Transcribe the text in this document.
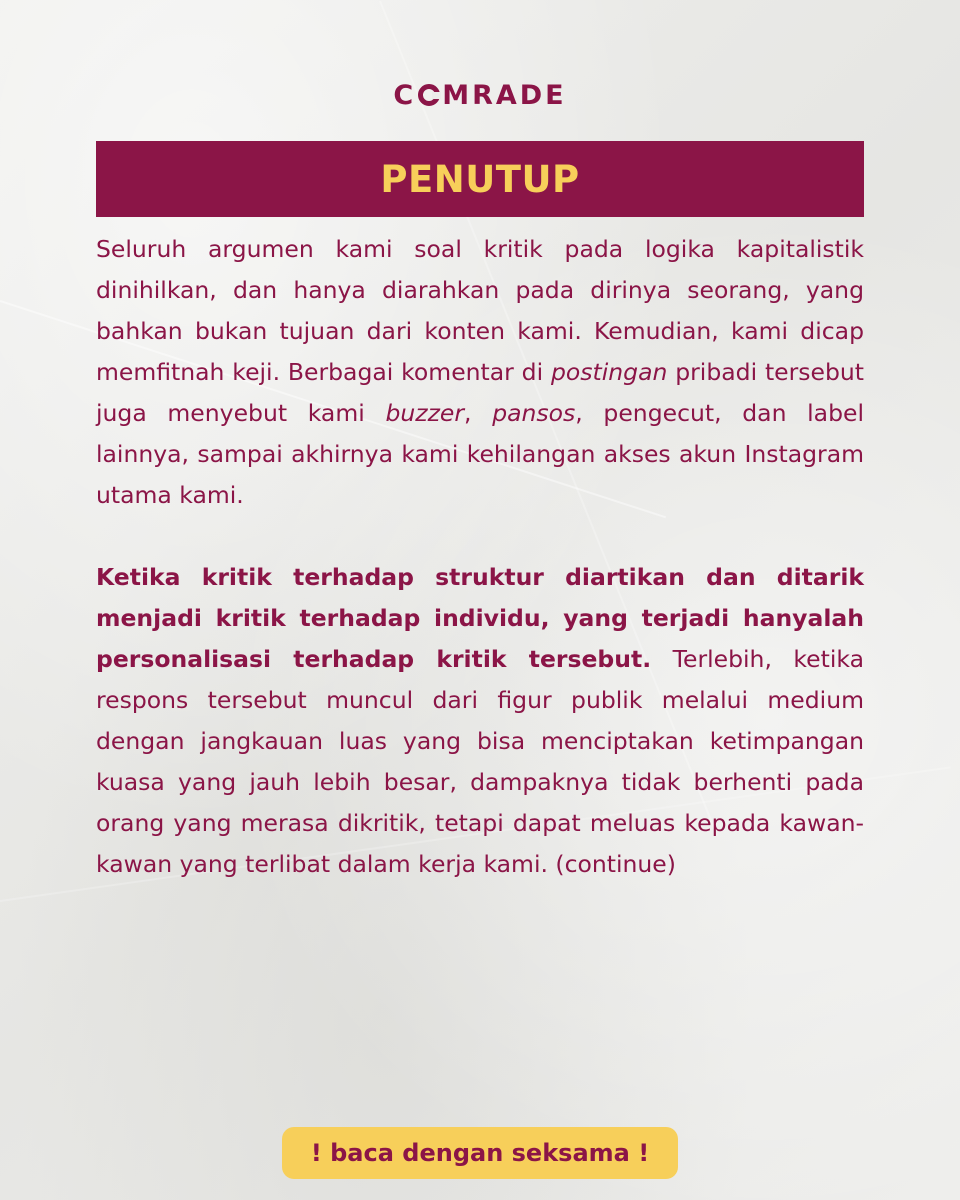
C MRADE
PENUTUP

Seluruh argumen kami soal kritik pada logika kapitalistik dinihilkan, dan hanya diarahkan pada dirinya seorang, yang bahkan bukan tujuan dari konten kami. Kemudian, kami dicap memfitnah keji. Berbagai komentar di postingan pribadi tersebut juga menyebut kami buzzer, pansos, pengecut, dan label lainnya, sampai akhirnya kami kehilangan akses akun Instagram utama kami.

Ketika kritik terhadap struktur diartikan dan ditarik menjadi kritik terhadap individu, yang terjadi hanyalah personalisasi terhadap kritik tersebut. Terlebih, ketika respons tersebut muncul dari figur publik melalui medium dengan jangkauan luas yang bisa menciptakan ketimpangan kuasa yang jauh lebih besar, dampaknya tidak berhenti pada orang yang merasa dikritik, tetapi dapat meluas kepada kawan-kawan yang terlibat dalam kerja kami. (continue)

! baca dengan seksama !
